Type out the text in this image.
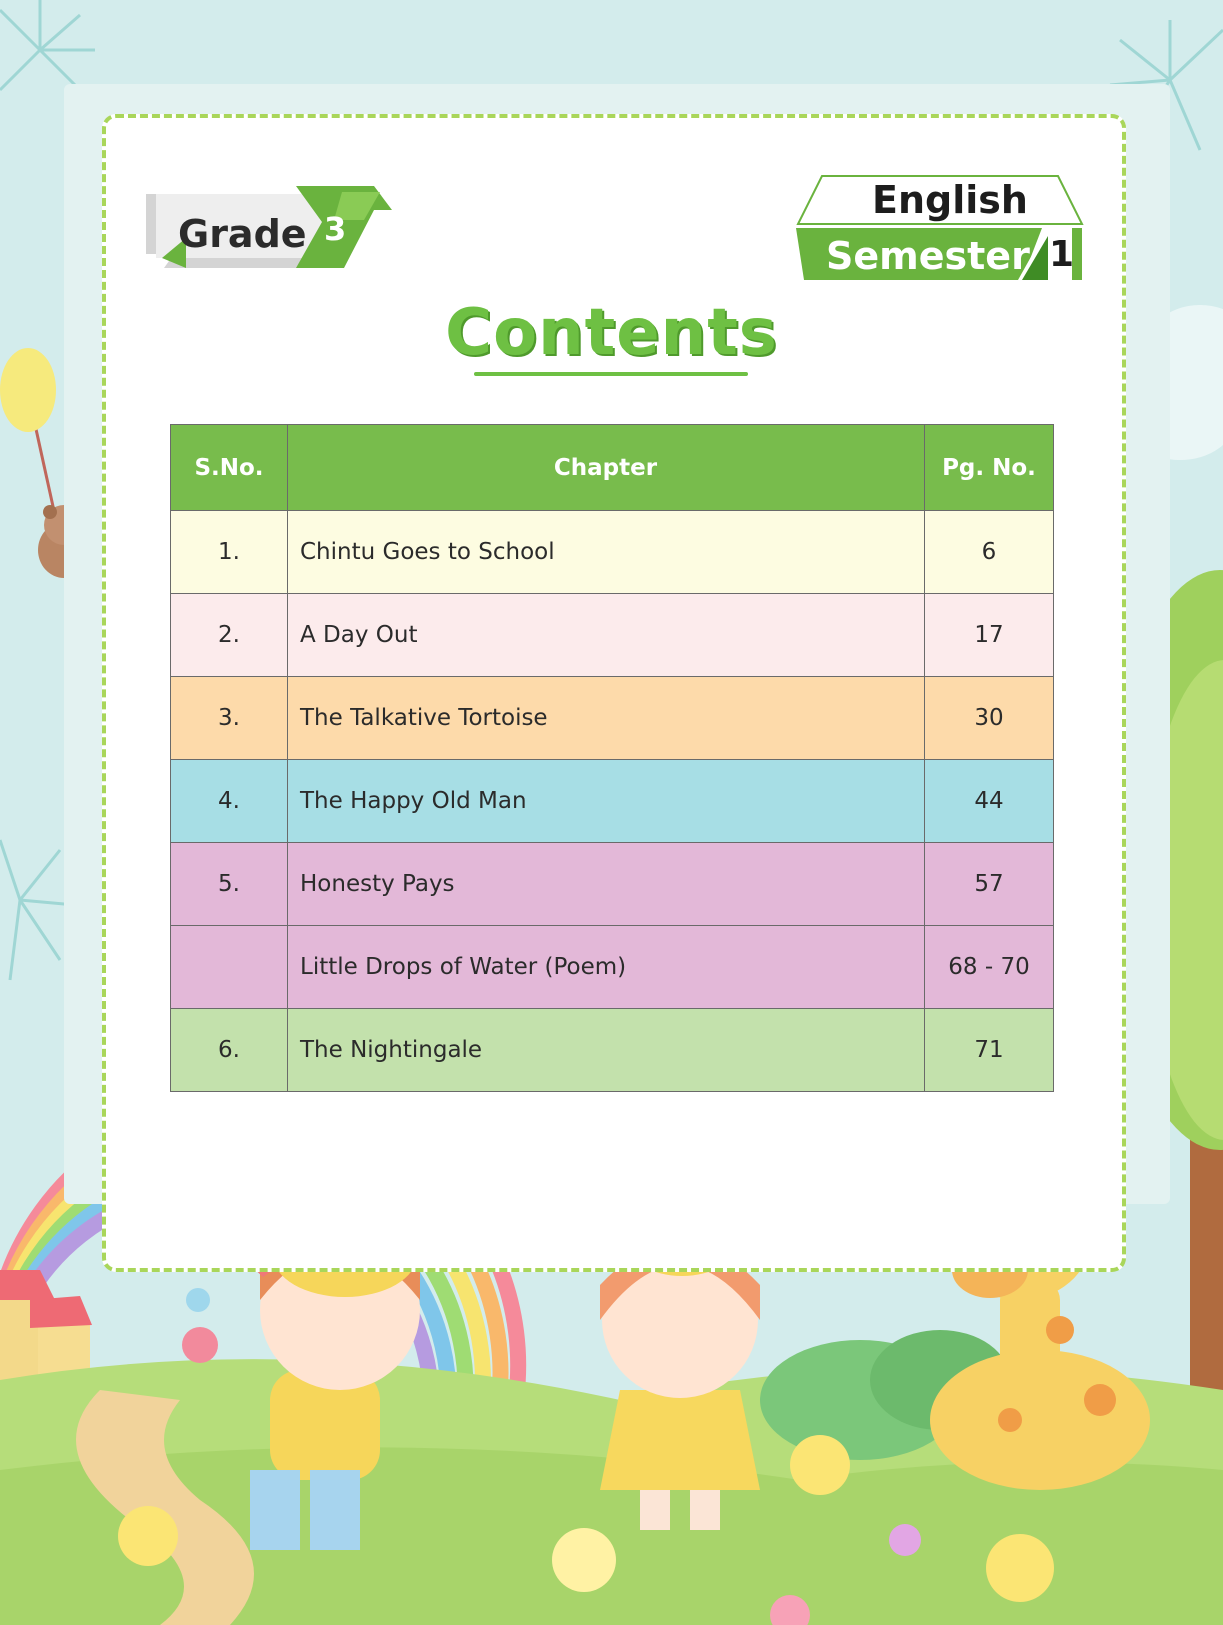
Grade 3
English
Semester 1
Contents
S.No.	Chapter	Pg. No.
1.	Chintu Goes to School	6
2.	A Day Out	17
3.	The Talkative Tortoise	30
4.	The Happy Old Man	44
5.	Honesty Pays	57
	Little Drops of Water (Poem)	68 - 70
6.	The Nightingale	71
